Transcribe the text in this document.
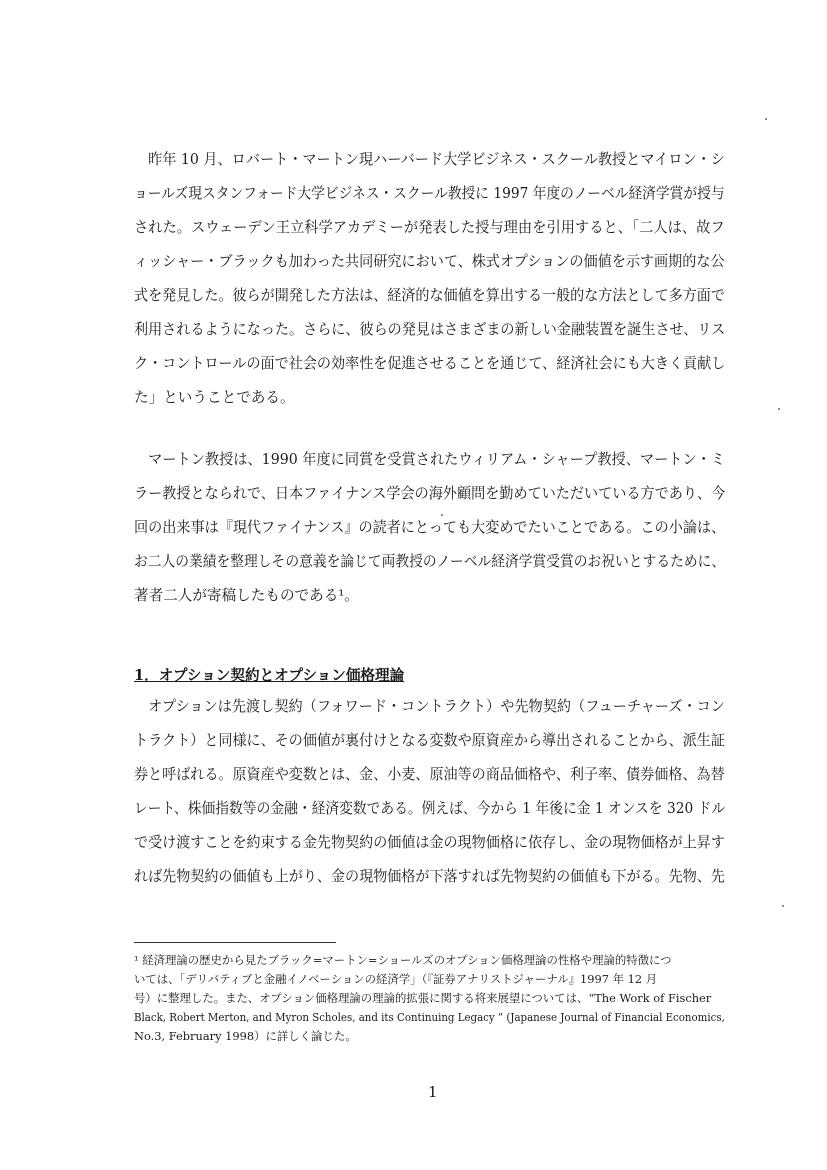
　昨年 10 月、ロバート・マートン現ハーバード大学ビジネス・スクール教授とマイロン・シ
ョールズ現スタンフォード大学ビジネス・スクール教授に 1997 年度のノーベル経済学賞が授与
された。スウェーデン王立科学アカデミーが発表した授与理由を引用すると、「二人は、故フ
ィッシャー・ブラックも加わった共同研究において、株式オプションの価値を示す画期的な公
式を発見した。彼らが開発した方法は、経済的な価値を算出する一般的な方法として多方面で
利用されるようになった。さらに、彼らの発見はさまざまの新しい金融装置を誕生させ、リス
ク・コントロールの面で社会の効率性を促進させることを通じて、経済社会にも大きく貢献し
た」ということである。
　マートン教授は、1990 年度に同賞を受賞されたウィリアム・シャープ教授、マートン・ミ
ラー教授となられで、日本ファイナンス学会の海外顧問を勤めていただいている方であり、今
回の出来事は『現代ファイナンス』の読者にとっても大変めでたいことである。この小論は、
お二人の業績を整理しその意義を論じて両教授のノーベル経済学賞受賞のお祝いとするために、
著者二人が寄稿したものである¹。
1．オプション契約とオプション価格理論
　オプションは先渡し契約（フォワード・コントラクト）や先物契約（フューチャーズ・コン
トラクト）と同様に、その価値が裏付けとなる変数や原資産から導出されることから、派生証
券と呼ばれる。原資産や変数とは、金、小麦、原油等の商品価格や、利子率、債券価格、為替
レート、株価指数等の金融・経済変数である。例えば、今から 1 年後に金 1 オンスを 320 ドル
で受け渡すことを約束する金先物契約の価値は金の現物価格に依存し、金の現物価格が上昇す
れば先物契約の価値も上がり、金の現物価格が下落すれば先物契約の価値も下がる。先物、先
¹ 経済理論の歴史から見たブラック=マートン=ショールズのオプション価格理論の性格や理論的特徴につ
いては、「デリバティブと金融イノベーションの経済学」（『証券アナリストジャーナル』1997 年 12 月
号）に整理した。また、オプション価格理論の理論的拡張に関する将来展望については、“The Work of Fischer
Black, Robert Merton, and Myron Scholes, and its Continuing Legacy ” (Japanese Journal of Financial Economics,
No.3, February 1998）に詳しく論じた。
1
